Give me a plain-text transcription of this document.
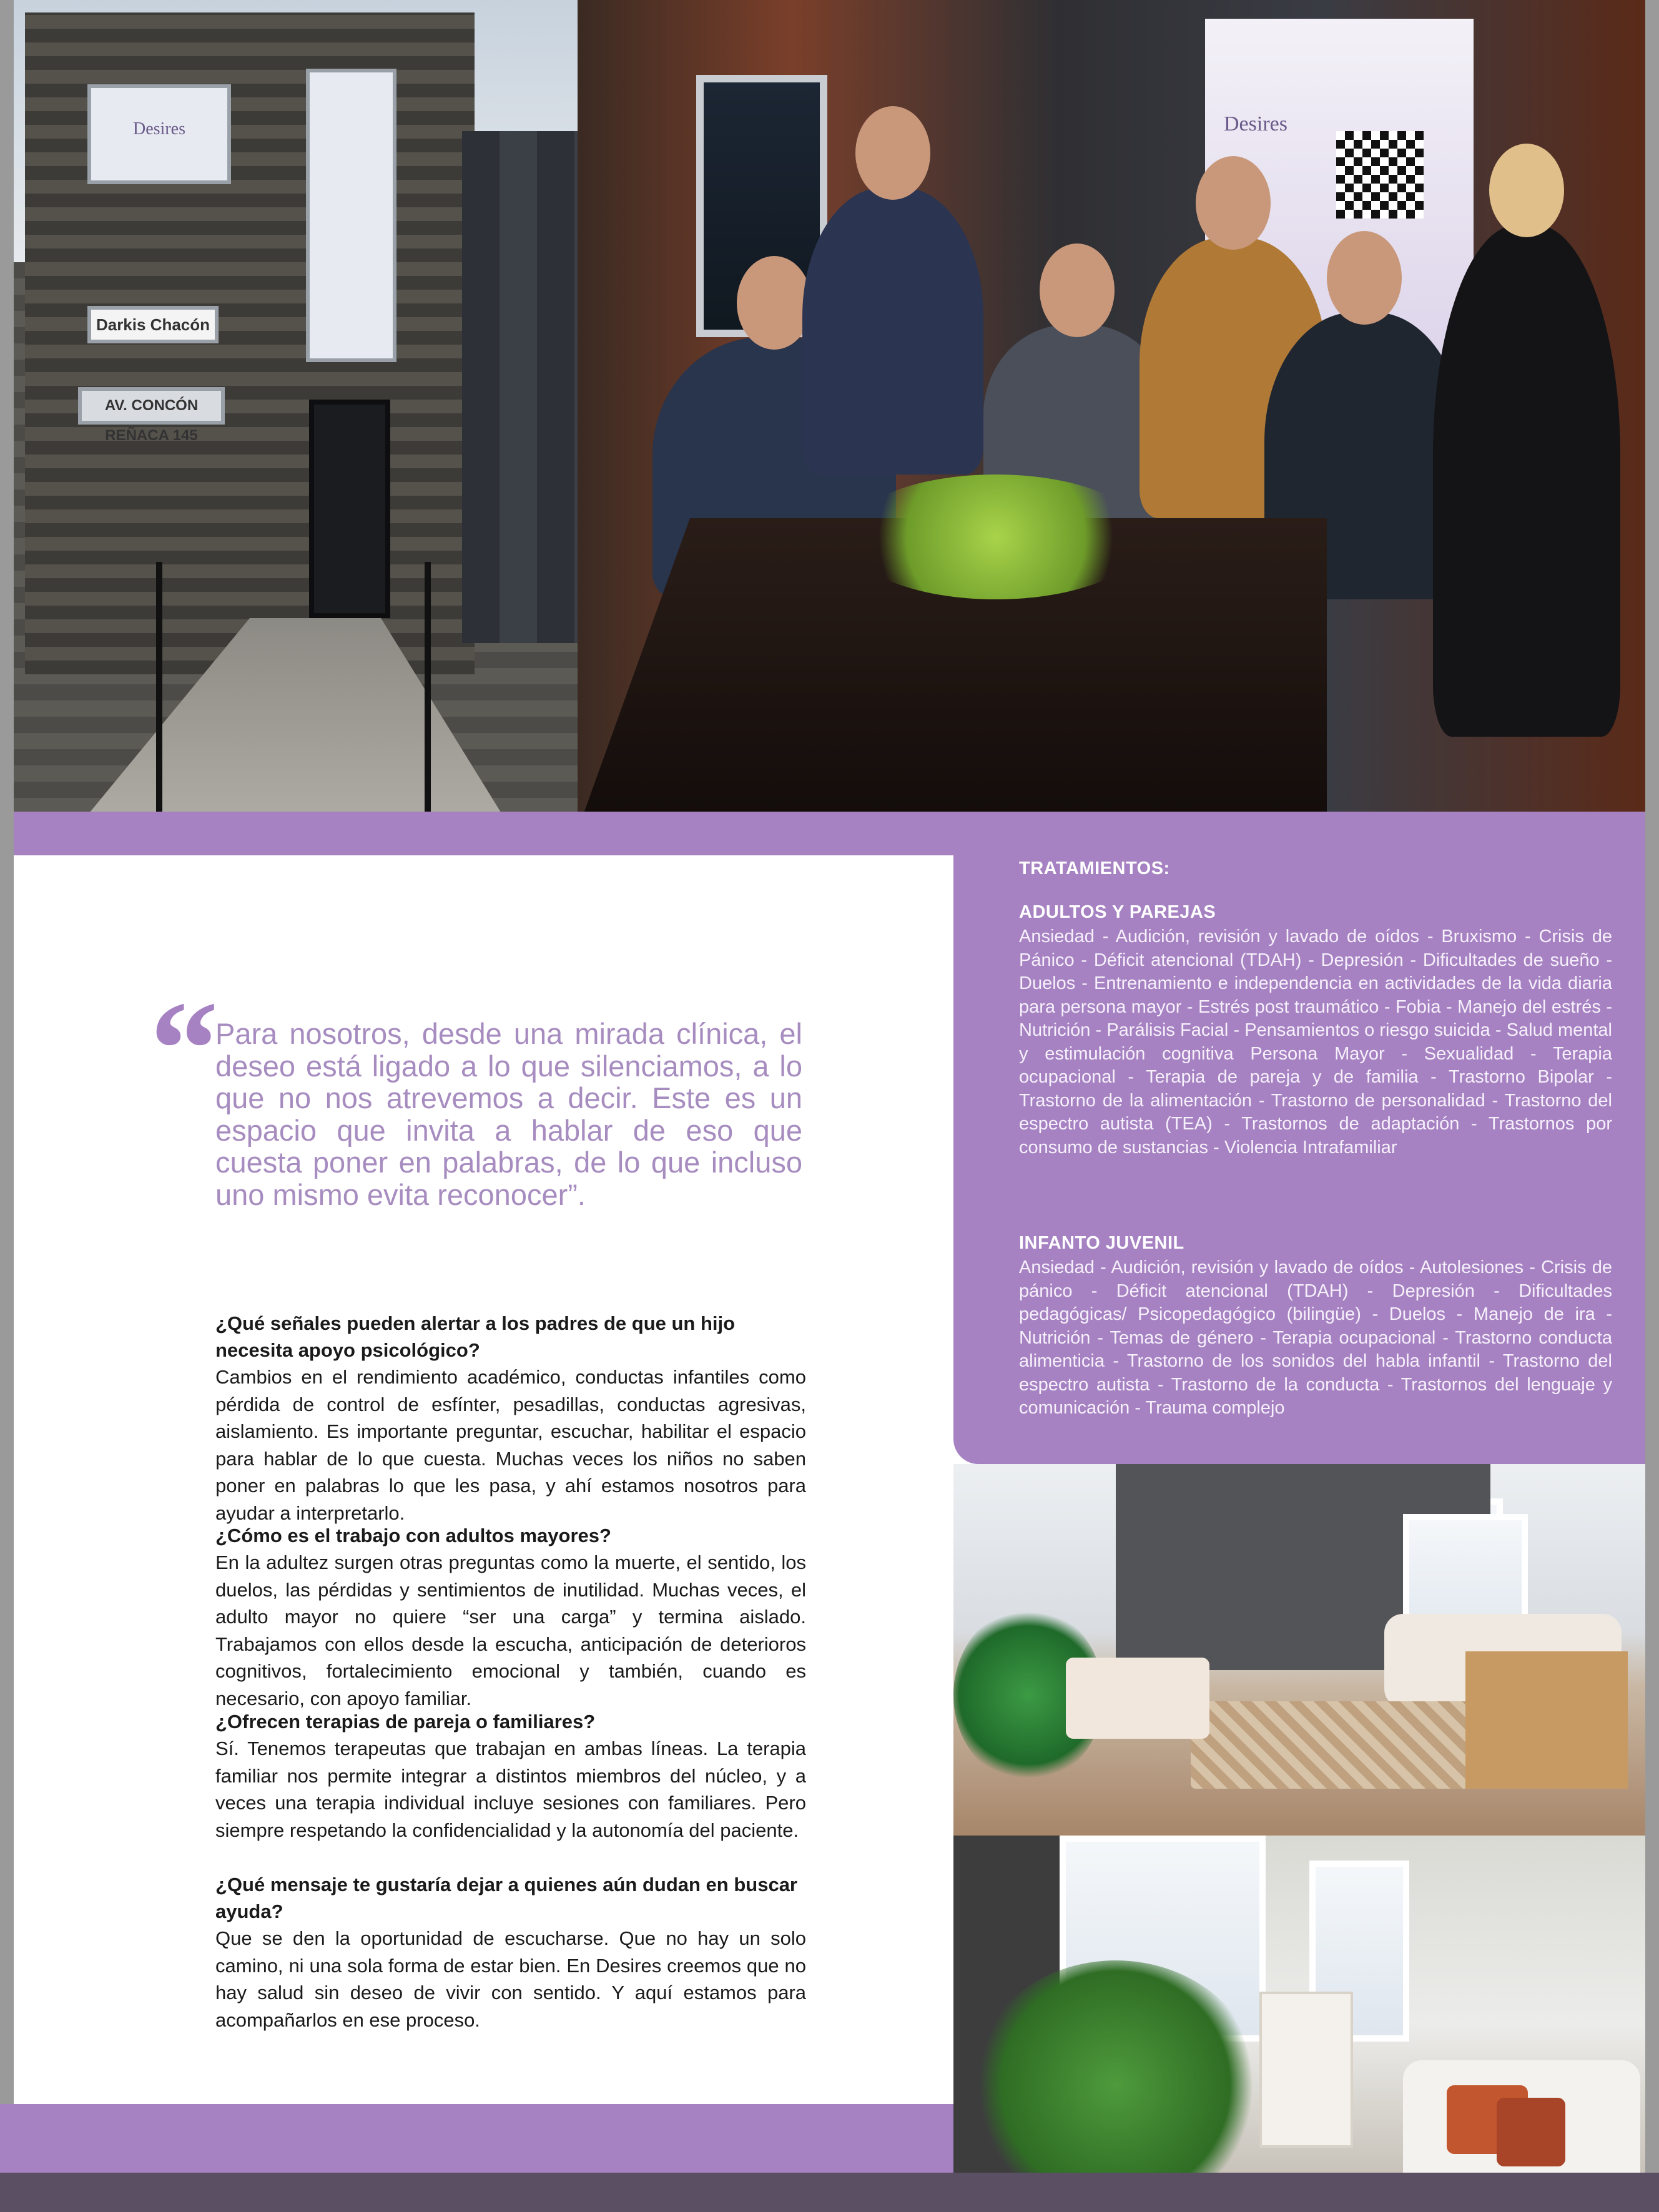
Desires
Darkis Chacón
AV. CONCÓN REÑACA 145
Desires
TRATAMIENTOS:
ADULTOS Y PAREJAS
Ansiedad - Audición, revisión y lavado de oídos - Bruxismo - Crisis de Pánico - Déficit atencional (TDAH) - Depresión - Dificultades de sueño - Duelos - Entrenamiento e independencia en actividades de la vida diaria para persona mayor - Estrés post traumático - Fobia - Manejo del estrés - Nutrición - Parálisis Facial - Pensamientos o riesgo suicida - Salud mental y estimulación cognitiva Persona Mayor - Sexualidad - Terapia ocupacional - Terapia de pareja y de familia - Trastorno Bipolar - Trastorno de la alimentación - Trastorno de personalidad - Trastorno del espectro autista (TEA) - Trastornos de adaptación - Trastornos por consumo de sustancias - Violencia Intrafamiliar
INFANTO JUVENIL
Ansiedad - Audición, revisión y lavado de oídos - Autolesiones - Crisis de pánico - Déficit atencional (TDAH) - Depresión - Dificultades pedagógicas/ Psicopedagógico (bilingüe) - Duelos - Manejo de ira - Nutrición - Temas de género - Terapia ocupacional - Trastorno conducta alimenticia - Trastorno de los sonidos del habla infantil - Trastorno del espectro autista - Trastorno de la conducta - Trastornos del lenguaje y comunicación - Trauma complejo
“
Para nosotros, desde una mirada clínica, el deseo está ligado a lo que silenciamos, a lo que no nos atrevemos a decir. Este es un espacio que invita a hablar de eso que cuesta poner en palabras, de lo que incluso uno mismo evita reconocer”.
¿Qué señales pueden alertar a los padres de que un hijo necesita apoyo psicológico?
Cambios en el rendimiento académico, conductas infantiles como pérdida de control de esfínter, pesadillas, conductas agresivas, aislamiento. Es importante preguntar, escuchar, habilitar el espacio para hablar de lo que cuesta. Muchas veces los niños no saben poner en palabras lo que les pasa, y ahí estamos nosotros para ayudar a interpretarlo.
¿Cómo es el trabajo con adultos mayores?
En la adultez surgen otras preguntas como la muerte, el sentido, los duelos, las pérdidas y sentimientos de inutilidad. Muchas veces, el adulto mayor no quiere “ser una carga” y termina aislado. Trabajamos con ellos desde la escucha, anticipación de deterioros cognitivos, fortalecimiento emocional y también, cuando es necesario, con apoyo familiar.
¿Ofrecen terapias de pareja o familiares?
Sí. Tenemos terapeutas que trabajan en ambas líneas. La terapia familiar nos permite integrar a distintos miembros del núcleo, y a veces una terapia individual incluye sesiones con familiares. Pero siempre respetando la confidencialidad y la autonomía del paciente.
¿Qué mensaje te gustaría dejar a quienes aún dudan en buscar ayuda?
Que se den la oportunidad de escucharse. Que no hay un solo camino, ni una sola forma de estar bien. En Desires creemos que no hay salud sin deseo de vivir con sentido. Y aquí estamos para acompañarlos en ese proceso.
